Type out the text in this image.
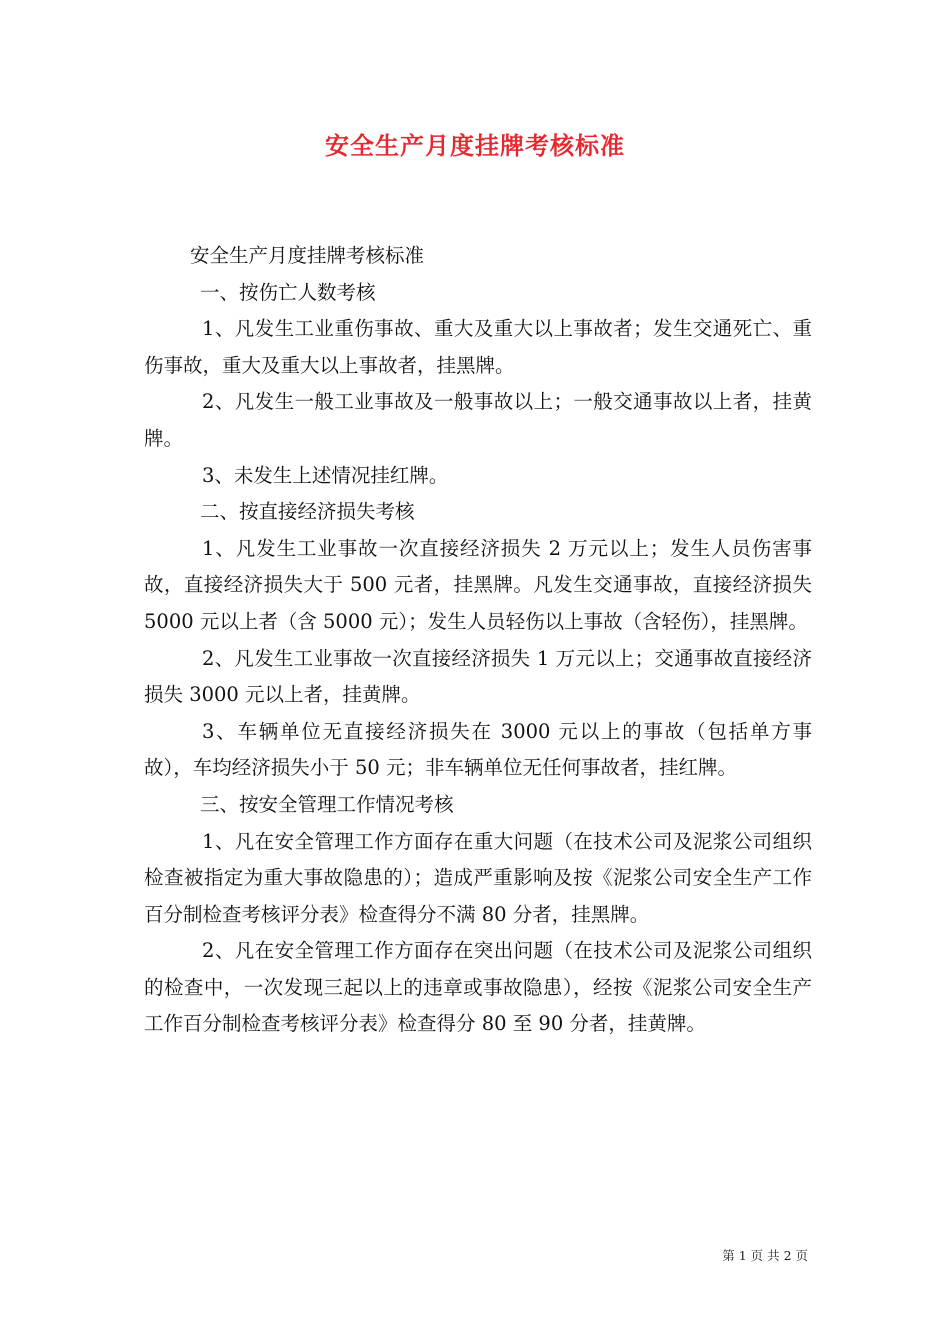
安全生产月度挂牌考核标准

安全生产月度挂牌考核标准

一、按伤亡人数考核

1、凡发生工业重伤事故、重大及重大以上事故者；发生交通死亡、重伤事故，重大及重大以上事故者，挂黑牌。

2、凡发生一般工业事故及一般事故以上；一般交通事故以上者，挂黄牌。

3、未发生上述情况挂红牌。

二、按直接经济损失考核

1、凡发生工业事故一次直接经济损失 2 万元以上；发生人员伤害事故，直接经济损失大于 500 元者，挂黑牌。凡发生交通事故，直接经济损失 5000 元以上者（含 5000 元）；发生人员轻伤以上事故（含轻伤），挂黑牌。

2、凡发生工业事故一次直接经济损失 1 万元以上；交通事故直接经济损失 3000 元以上者，挂黄牌。

3、车辆单位无直接经济损失在 3000 元以上的事故（包括单方事故），车均经济损失小于 50 元；非车辆单位无任何事故者，挂红牌。

三、按安全管理工作情况考核

1、凡在安全管理工作方面存在重大问题（在技术公司及泥浆公司组织检查被指定为重大事故隐患的）；造成严重影响及按《泥浆公司安全生产工作百分制检查考核评分表》检查得分不满 80 分者，挂黑牌。

2、凡在安全管理工作方面存在突出问题（在技术公司及泥浆公司组织的检查中，一次发现三起以上的违章或事故隐患），经按《泥浆公司安全生产工作百分制检查考核评分表》检查得分 80 至 90 分者，挂黄牌。

第 1 页 共 2 页
